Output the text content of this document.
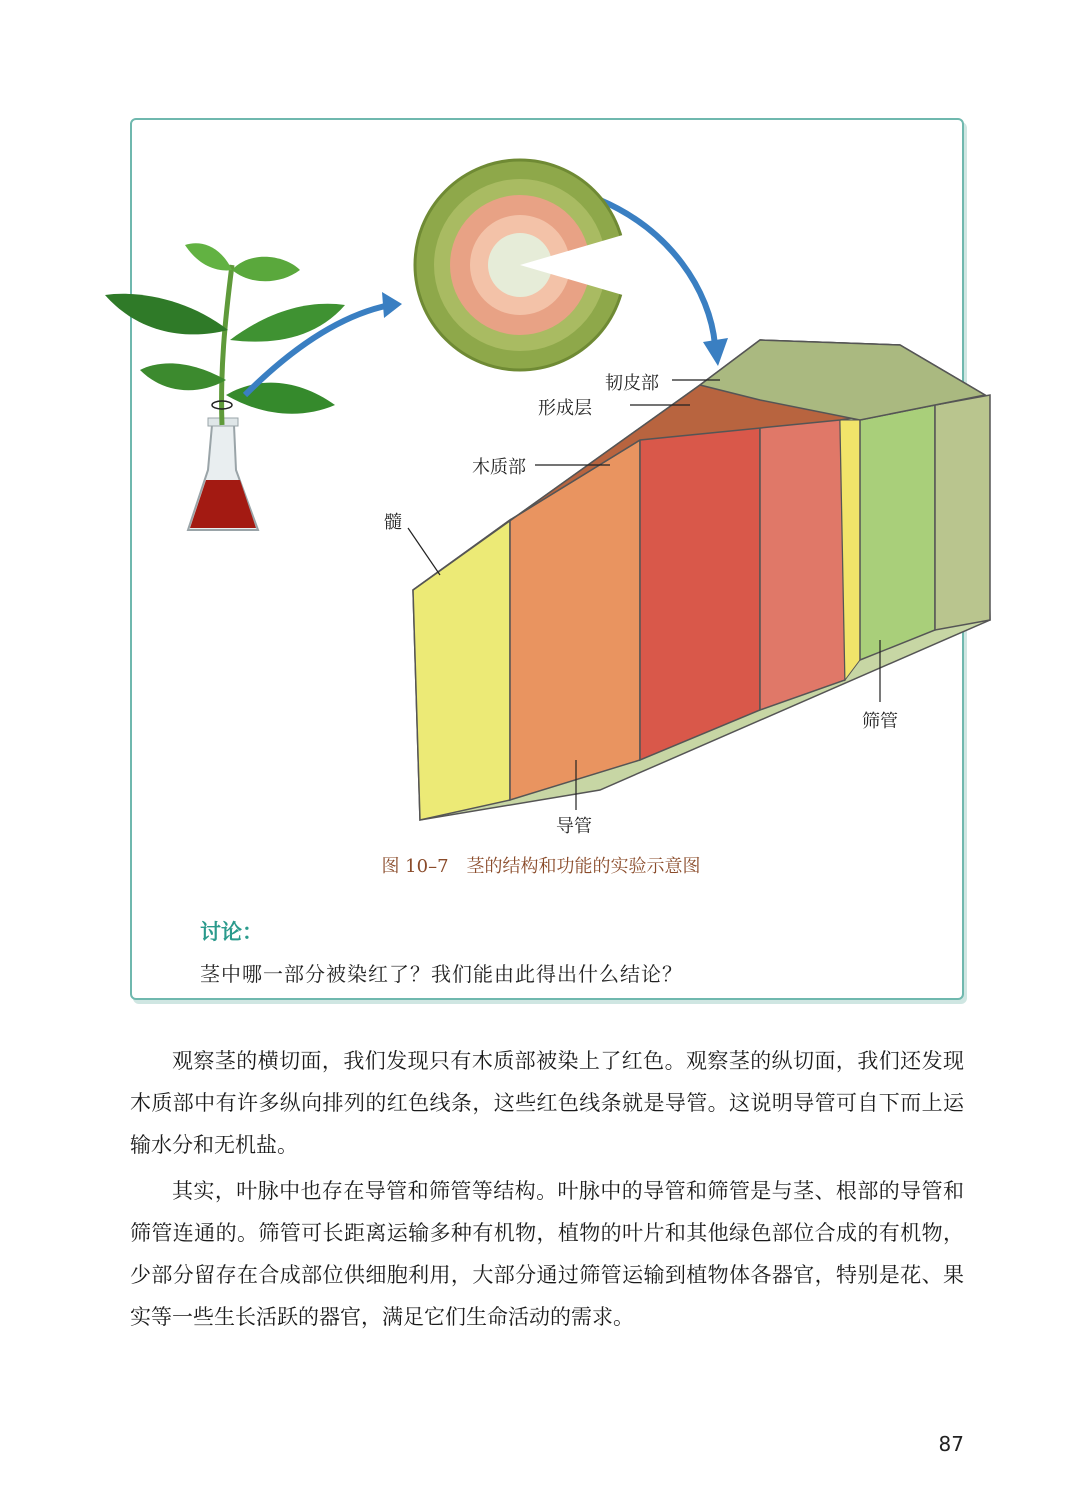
韧皮部
形成层
木质部
髓
筛管
导管
图 10–7　茎的结构和功能的实验示意图
讨论：
茎中哪一部分被染红了？我们能由此得出什么结论？

观察茎的横切面，我们发现只有木质部被染上了红色。观察茎的纵切面，我们还发现木质部中有许多纵向排列的红色线条，这些红色线条就是导管。这说明导管可自下而上运输水分和无机盐。

其实，叶脉中也存在导管和筛管等结构。叶脉中的导管和筛管是与茎、根部的导管和筛管连通的。筛管可长距离运输多种有机物，植物的叶片和其他绿色部位合成的有机物，少部分留存在合成部位供细胞利用，大部分通过筛管运输到植物体各器官，特别是花、果实等一些生长活跃的器官，满足它们生命活动的需求。

87
